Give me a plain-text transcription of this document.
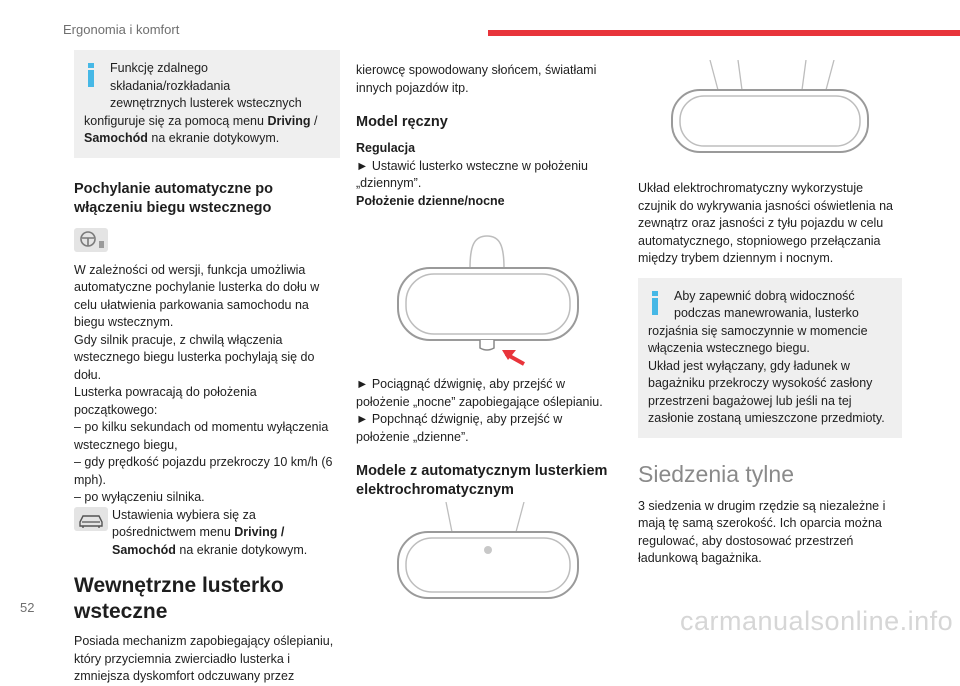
Ergonomia i komfort
Funkcję zdalnego składania/rozkładania
zewnętrznych lusterek wstecznych
konfiguruje się za pomocą menu Driving /
Samochód na ekranie dotykowym.
Pochylanie automatyczne po włączeniu biegu wstecznego

W zależności od wersji, funkcja umożliwia automatyczne pochylanie lusterka do dołu w celu ułatwienia parkowania samochodu na biegu wstecznym.

Gdy silnik pracuje, z chwilą włączenia wstecznego biegu lusterka pochylają się do dołu.

Lusterka powracają do położenia początkowego:

– po kilku sekundach od momentu wyłączenia wstecznego biegu,

– gdy prędkość pojazdu przekroczy 10 km/h (6 mph).

– po wyłączeniu silnika.

Ustawienia wybiera się za pośrednictwem menu Driving / Samochód na ekranie dotykowym.

Wewnętrzne lusterko wsteczne

Posiada mechanizm zapobiegający oślepianiu, który przyciemnia zwierciadło lusterka i zmniejsza dyskomfort odczuwany przez

kierowcę spowodowany słońcem, światłami innych pojazdów itp.

Model ręczny

Regulacja

► Ustawić lusterko wsteczne w położeniu „dziennym”.

Położenie dzienne/nocne

► Pociągnąć dźwignię, aby przejść w położenie „nocne” zapobiegające oślepianiu.

► Popchnąć dźwignię, aby przejść w położenie „dzienne”.

Modele z automatycznym lusterkiem elektrochromatycznym

Układ elektrochromatyczny wykorzystuje czujnik do wykrywania jasności oświetlenia na zewnątrz oraz jasności z tyłu pojazdu w celu automatycznego, stopniowego przełączania między trybem dziennym i nocnym.

Aby zapewnić dobrą widoczność
podczas manewrowania, lusterko
rozjaśnia się samoczynnie w momencie włączenia wstecznego biegu.
Układ jest wyłączany, gdy ładunek w bagażniku przekroczy wysokość zasłony przestrzeni bagażowej lub jeśli na tej zasłonie zostaną umieszczone przedmioty.
Siedzenia tylne

3 siedzenia w drugim rzędzie są niezależne i mają tę samą szerokość. Ich oparcia można regulować, aby dostosować przestrzeń ładunkową bagażnika.

52	carmanualsonline.info
